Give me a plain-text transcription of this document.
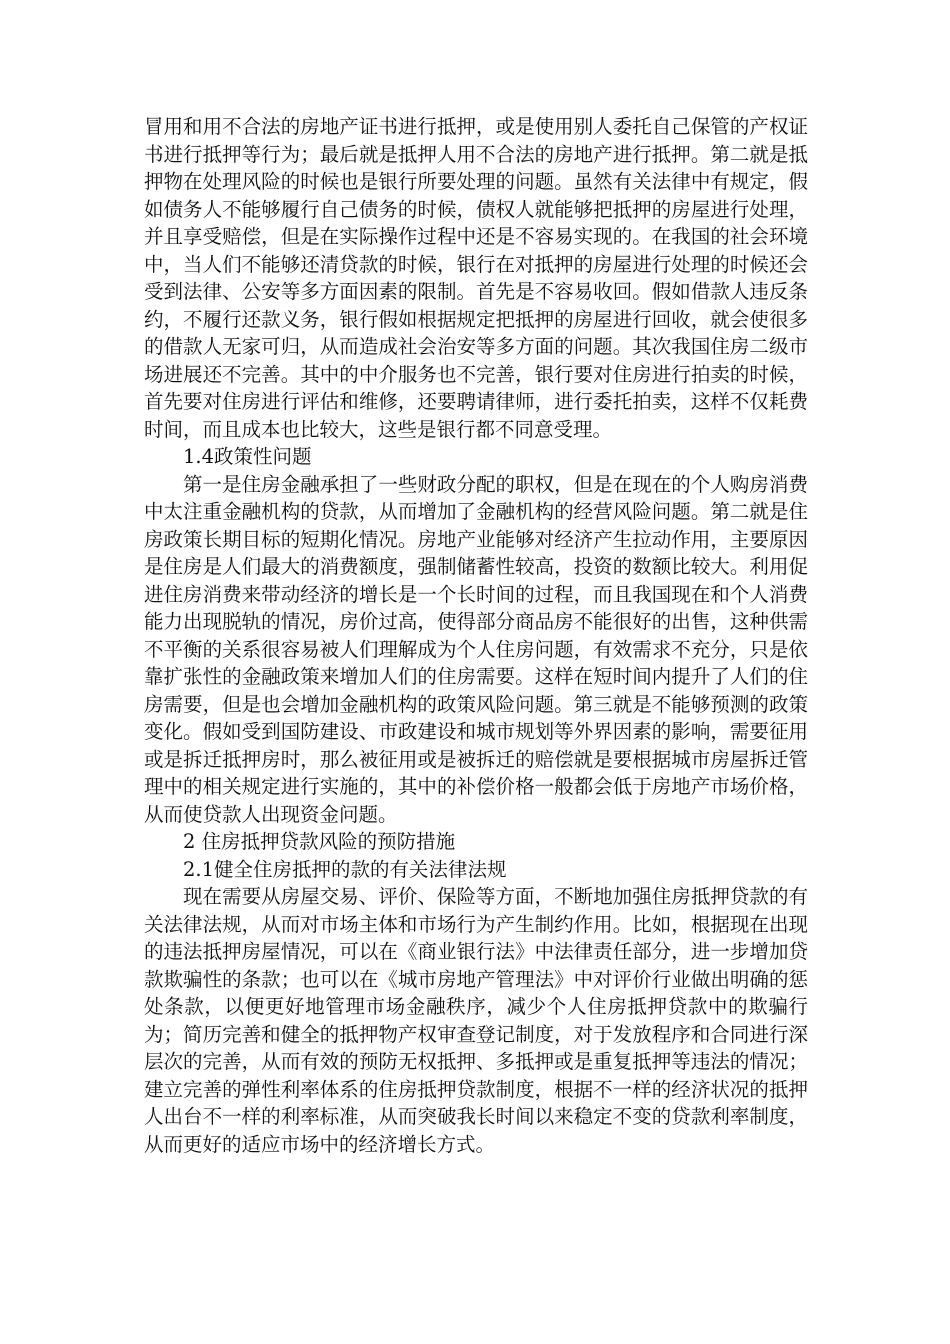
冒用和用不合法的房地产证书进行抵押，或是使用别人委托自己保管的产权证书进行抵押等行为；最后就是抵押人用不合法的房地产进行抵押。第二就是抵押物在处理风险的时候也是银行所要处理的问题。虽然有关法律中有规定，假如债务人不能够履行自己债务的时候，债权人就能够把抵押的房屋进行处理，并且享受赔偿，但是在实际操作过程中还是不容易实现的。在我国的社会环境中，当人们不能够还清贷款的时候，银行在对抵押的房屋进行处理的时候还会受到法律、公安等多方面因素的限制。首先是不容易收回。假如借款人违反条约，不履行还款义务，银行假如根据规定把抵押的房屋进行回收，就会使很多的借款人无家可归，从而造成社会治安等多方面的问题。其次我国住房二级市场进展还不完善。其中的中介服务也不完善，银行要对住房进行拍卖的时候，首先要对住房进行评估和维修，还要聘请律师，进行委托拍卖，这样不仅耗费时间，而且成本也比较大，这些是银行都不同意受理。

1.4政策性问题

第一是住房金融承担了一些财政分配的职权，但是在现在的个人购房消费中太注重金融机构的贷款，从而增加了金融机构的经营风险问题。第二就是住房政策长期目标的短期化情况。房地产业能够对经济产生拉动作用，主要原因是住房是人们最大的消费额度，强制储蓄性较高，投资的数额比较大。利用促进住房消费来带动经济的增长是一个长时间的过程，而且我国现在和个人消费能力出现脱轨的情况，房价过高，使得部分商品房不能很好的出售，这种供需不平衡的关系很容易被人们理解成为个人住房问题，有效需求不充分，只是依靠扩张性的金融政策来增加人们的住房需要。这样在短时间内提升了人们的住房需要，但是也会增加金融机构的政策风险问题。第三就是不能够预测的政策变化。假如受到国防建设、市政建设和城市规划等外界因素的影响，需要征用或是拆迁抵押房时，那么被征用或是被拆迁的赔偿就是要根据城市房屋拆迁管理中的相关规定进行实施的，其中的补偿价格一般都会低于房地产市场价格，从而使贷款人出现资金问题。

2 住房抵押贷款风险的预防措施

2.1健全住房抵押的款的有关法律法规

现在需要从房屋交易、评价、保险等方面，不断地加强住房抵押贷款的有关法律法规，从而对市场主体和市场行为产生制约作用。比如，根据现在出现的违法抵押房屋情况，可以在《商业银行法》中法律责任部分，进一步增加贷款欺骗性的条款；也可以在《城市房地产管理法》中对评价行业做出明确的惩处条款，以便更好地管理市场金融秩序，减少个人住房抵押贷款中的欺骗行为；简历完善和健全的抵押物产权审查登记制度，对于发放程序和合同进行深层次的完善，从而有效的预防无权抵押、多抵押或是重复抵押等违法的情况；建立完善的弹性利率体系的住房抵押贷款制度，根据不一样的经济状况的抵押人出台不一样的利率标准，从而突破我长时间以来稳定不变的贷款利率制度，从而更好的适应市场中的经济增长方式。
